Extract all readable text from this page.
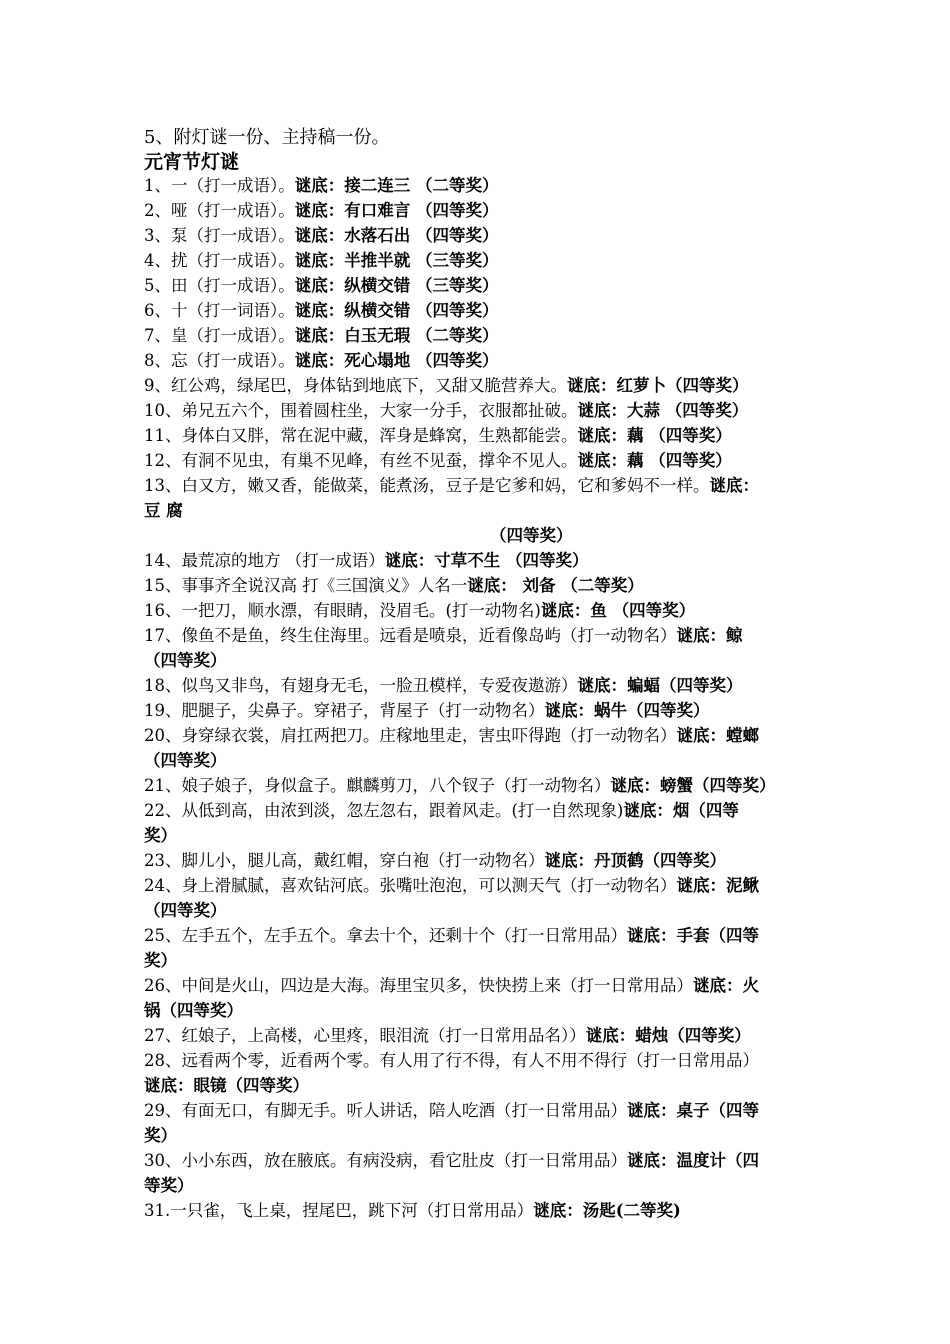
5、附灯谜一份、主持稿一份。
元宵节灯谜
1、一（打一成语）。谜底：接二连三 （二等奖）
2、哑（打一成语）。谜底：有口难言 （四等奖）
3、泵（打一成语）。谜底：水落石出 （四等奖）
4、扰（打一成语）。谜底：半推半就 （三等奖）
5、田（打一成语）。谜底：纵横交错 （三等奖）
6、十（打一词语）。谜底：纵横交错 （四等奖）
7、皇（打一成语）。谜底：白玉无瑕 （二等奖）
8、忘（打一成语）。谜底：死心塌地 （四等奖）
9、红公鸡，绿尾巴，身体钻到地底下，又甜又脆营养大。谜底：红萝卜（四等奖）
10、弟兄五六个，围着圆柱坐，大家一分手，衣服都扯破。谜底：大蒜 （四等奖）
11、身体白又胖，常在泥中藏，浑身是蜂窝，生熟都能尝。谜底：藕 （四等奖）
12、有洞不见虫，有巢不见峰，有丝不见蚕，撑伞不见人。谜底：藕 （四等奖）
13、白又方，嫩又香，能做菜，能煮汤，豆子是它爹和妈，它和爹妈不一样。谜底：
豆 腐
（四等奖）
14、最荒凉的地方 （打一成语）谜底：寸草不生 （四等奖）
15、事事齐全说汉高 打《三国演义》人名一谜底： 刘备 （二等奖）
16、一把刀，顺水漂，有眼睛，没眉毛。(打一动物名)谜底：鱼 （四等奖）
17、像鱼不是鱼，终生住海里。远看是喷泉，近看像岛屿（打一动物名）谜底：鲸
（四等奖）
18、似鸟又非鸟，有翅身无毛，一脸丑模样，专爱夜遨游）谜底：蝙蝠（四等奖）
19、肥腿子，尖鼻子。穿裙子，背屋子（打一动物名）谜底：蜗牛（四等奖）
20、身穿绿衣裳，肩扛两把刀。庄稼地里走，害虫吓得跑（打一动物名）谜底：螳螂
（四等奖）
21、娘子娘子，身似盒子。麒麟剪刀，八个钗子（打一动物名）谜底：螃蟹（四等奖）
22、从低到高，由浓到淡，忽左忽右，跟着风走。(打一自然现象)谜底：烟（四等
奖）
23、脚儿小，腿儿高，戴红帽，穿白袍（打一动物名）谜底：丹顶鹤（四等奖）
24、身上滑腻腻，喜欢钻河底。张嘴吐泡泡，可以测天气（打一动物名）谜底：泥鳅
（四等奖）
25、左手五个，左手五个。拿去十个，还剩十个（打一日常用品）谜底：手套（四等
奖）
26、中间是火山，四边是大海。海里宝贝多，快快捞上来（打一日常用品）谜底：火
锅（四等奖）
27、红娘子，上高楼，心里疼，眼泪流（打一日常用品名））谜底：蜡烛（四等奖）
28、远看两个零，近看两个零。有人用了行不得，有人不用不得行（打一日常用品）
谜底：眼镜（四等奖）
29、有面无口，有脚无手。听人讲话，陪人吃酒（打一日常用品）谜底：桌子（四等
奖）
30、小小东西，放在腋底。有病没病，看它肚皮（打一日常用品）谜底：温度计（四
等奖）
31.一只雀，飞上桌，捏尾巴，跳下河（打日常用品）谜底：汤匙(二等奖)
